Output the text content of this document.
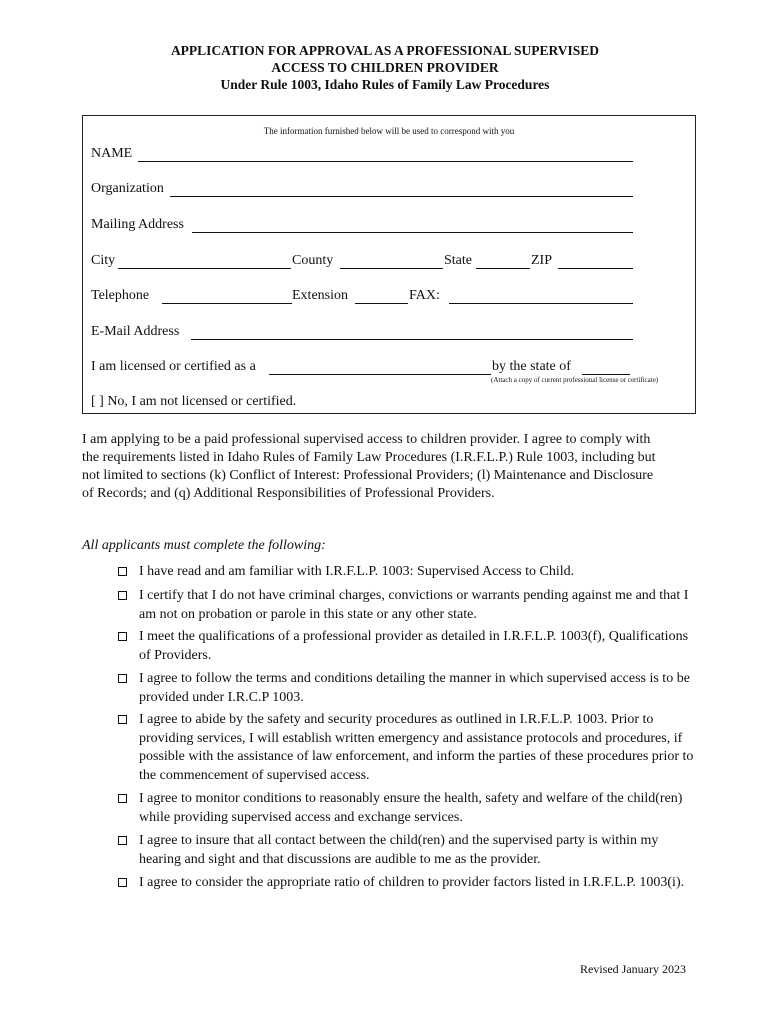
APPLICATION FOR APPROVAL AS A PROFESSIONAL SUPERVISED
ACCESS TO CHILDREN PROVIDER
Under Rule 1003, Idaho Rules of Family Law Procedures
The information furnished below will be used to correspond with you
NAME
Organization
Mailing Address
City	County	State	ZIP
Telephone	Extension	FAX:
E-Mail Address
I am licensed or certified as a	by the state of
(Attach a copy of current professional license or certificate)
[ ] No, I am not licensed or certified.
I am applying to be a paid professional supervised access to children provider. I agree to comply with the requirements listed in Idaho Rules of Family Law Procedures (I.R.F.L.P.) Rule 1003, including but not limited to sections (k) Conflict of Interest: Professional Providers; (l) Maintenance and Disclosure of Records; and (q) Additional Responsibilities of Professional Providers.
All applicants must complete the following:
I have read and am familiar with I.R.F.L.P. 1003: Supervised Access to Child.
I certify that I do not have criminal charges, convictions or warrants pending against me and that I am not on probation or parole in this state or any other state.
I meet the qualifications of a professional provider as detailed in I.R.F.L.P. 1003(f), Qualifications of Providers.
I agree to follow the terms and conditions detailing the manner in which supervised access is to be provided under I.R.C.P 1003.
I agree to abide by the safety and security procedures as outlined in I.R.F.L.P. 1003. Prior to providing services, I will establish written emergency and assistance protocols and procedures, if possible with the assistance of law enforcement, and inform the parties of these procedures prior to the commencement of supervised access.
I agree to monitor conditions to reasonably ensure the health, safety and welfare of the child(ren) while providing supervised access and exchange services.
I agree to insure that all contact between the child(ren) and the supervised party is within my hearing and sight and that discussions are audible to me as the provider.
I agree to consider the appropriate ratio of children to provider factors listed in I.R.F.L.P. 1003(i).
Revised January 2023
